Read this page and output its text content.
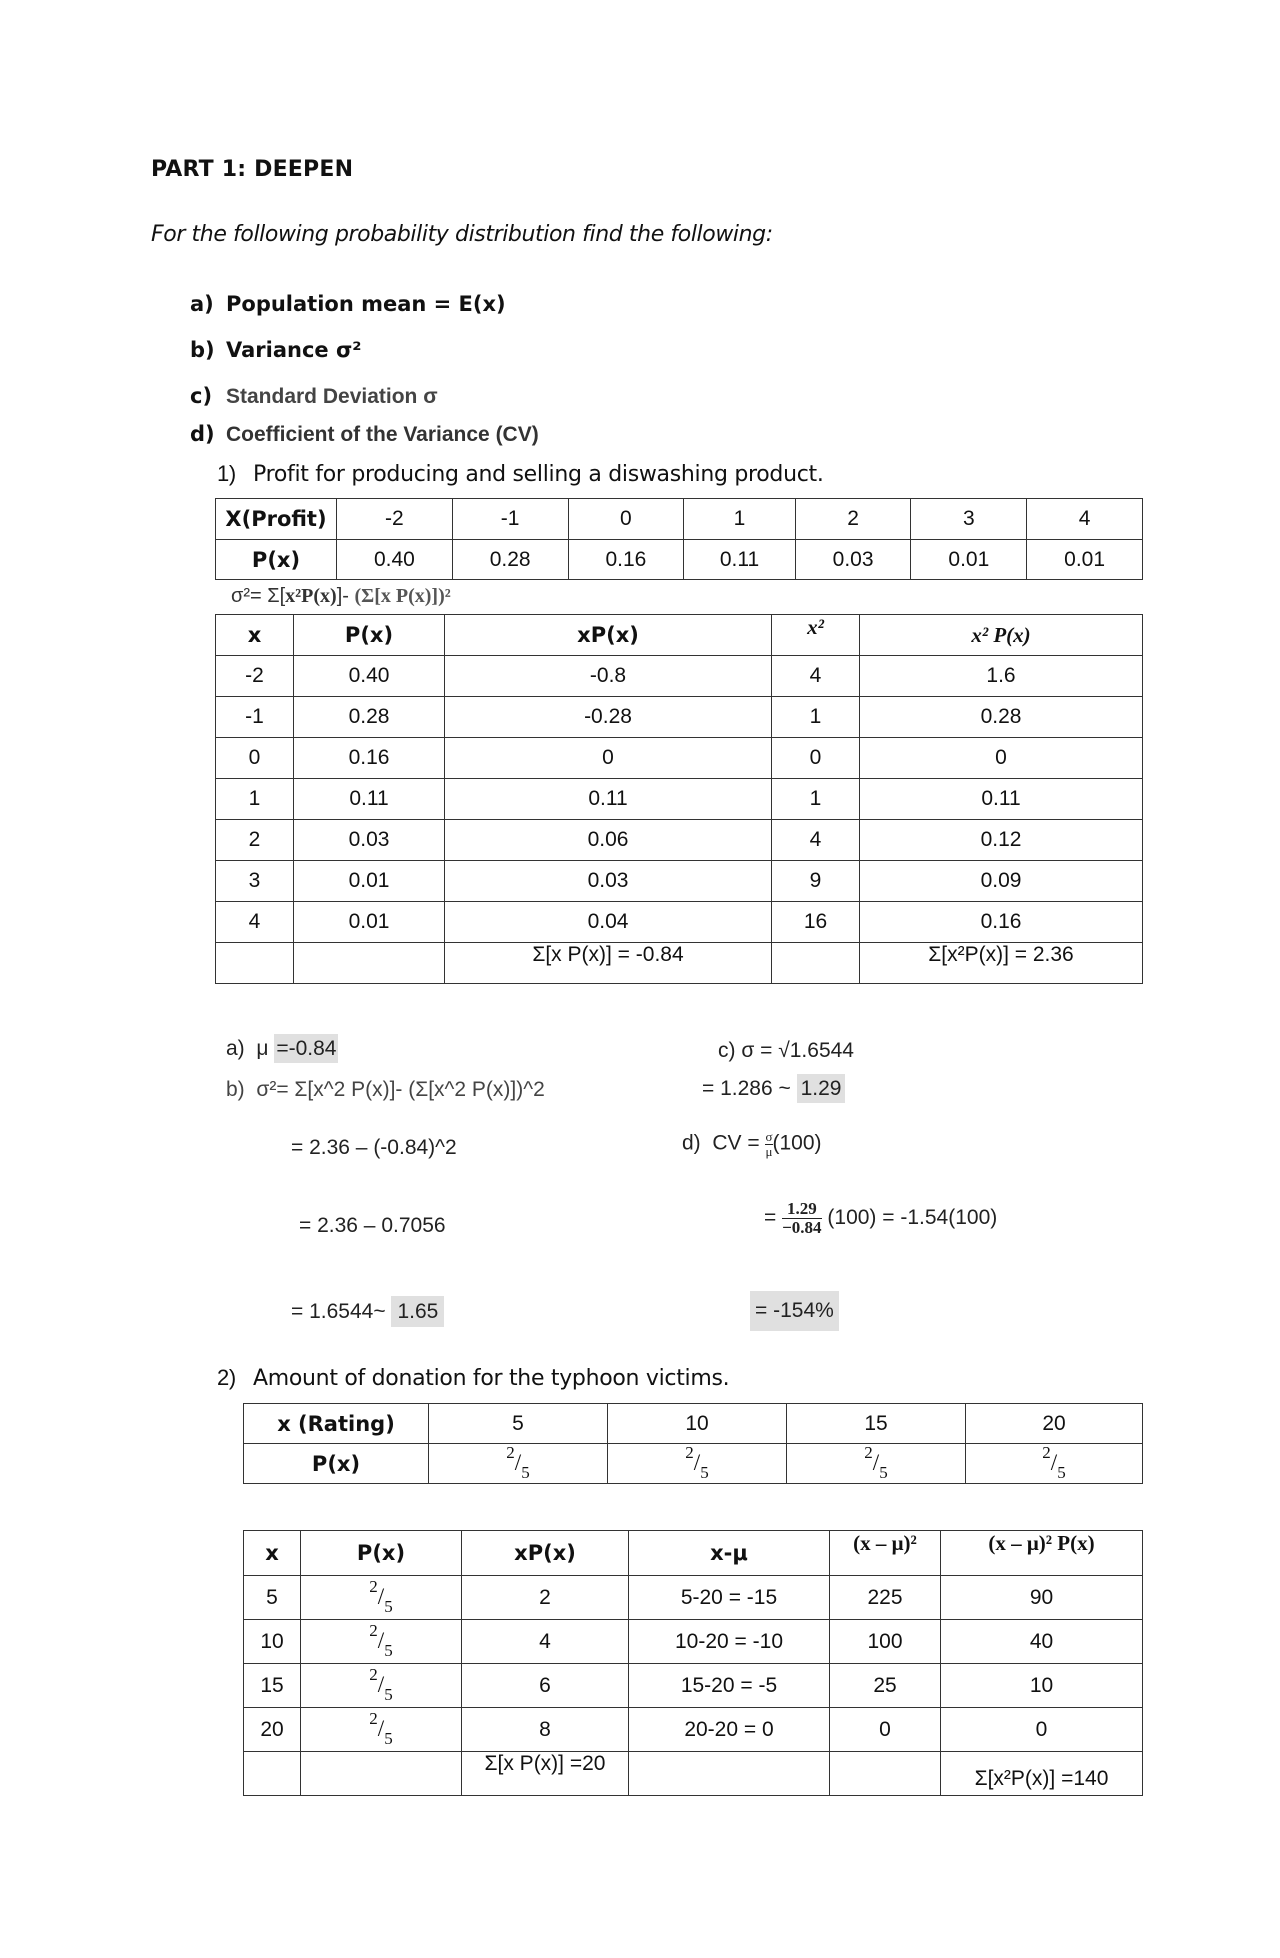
PART 1: DEEPEN
For the following probability distribution find the following:
a) Population mean = E(x)
b) Variance σ²
c) Standard Deviation σ
d) Coefficient of the Variance (CV)
1) Profit for producing and selling a diswashing product.
X(Profit)	-2	-1	0	1	2	3	4
P(x)	0.40	0.28	0.16	0.11	0.03	0.01	0.01
σ²= Σ[x²P(x)]- (Σ[x P(x)])²
x	P(x)	xP(x)	x²	x² P(x)
-2	0.40	-0.8	4	1.6
-1	0.28	-0.28	1	0.28
0	0.16	0	0	0
1	0.11	0.11	1	0.11
2	0.03	0.06	4	0.12
3	0.01	0.03	9	0.09
4	0.01	0.04	16	0.16
		Σ[x P(x)] = -0.84		Σ[x²P(x)] = 2.36
a) μ =-0.84
b) σ²= Σ[x^2 P(x)]- (Σ[x^2 P(x)])^2
= 2.36 – (-0.84)^2
= 2.36 – 0.7056
= 1.6544~ 1.65
c) σ = √1.6544
= 1.286 ~ 1.29
d) CV = $\frac{\sigma}{\mu} (100)$
= $\frac{1.29}{-0.84} (100) = -1.54(100)$
= -154%
2) Amount of donation for the typhoon victims.
x (Rating)	5	10	15	20
P(x)	$^2/_5$	$^2/_5$	$^2/_5$	$^2/_5$
x	P(x)	xP(x)	x-μ	(x – μ)²	(x – μ)² P(x)
5	$^2/_5$	2	5-20 = -15	225	90
10	$^2/_5$	4	10-20 = -10	100	40
15	$^2/_5$	6	15-20 = -5	25	10
20	$^2/_5$	8	20-20 = 0	0	0
		Σ[x P(x)] =20			Σ[x²P(x)] =140
